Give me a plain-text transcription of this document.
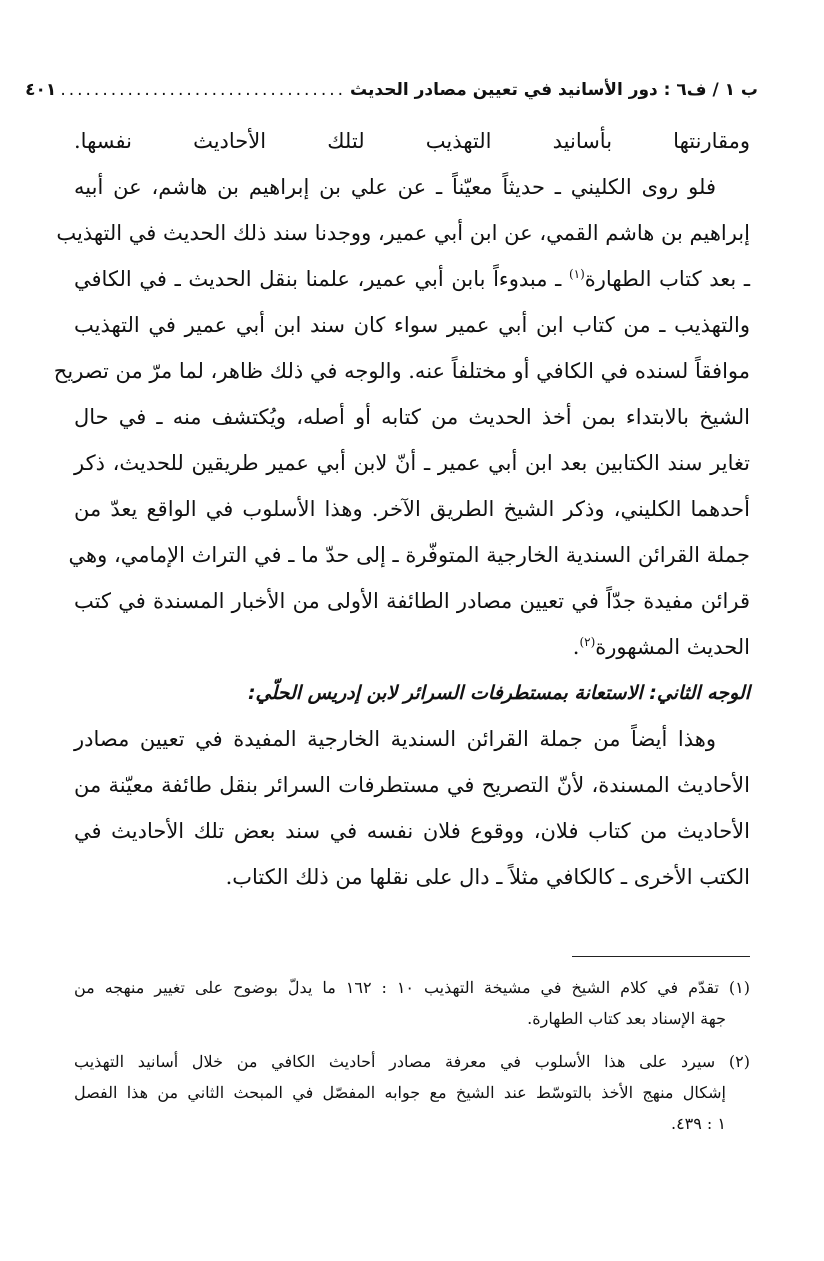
ب ١ / ف٦ : دور الأسانيد في تعيين مصادر الحديث
..................................
٤٠١
ومقارنتها بأسانيد التهذيب لتلك الأحاديث نفسها.
فلو روى الكليني ـ حديثاً معيّناً ـ عن علي بن إبراهيم بن هاشم، عن أبيه
إبراهيم بن هاشم القمي، عن ابن أبي عمير، ووجدنا سند ذلك الحديث في التهذيب
ـ بعد كتاب الطهارة$^{(١)}$ ـ مبدوءاً بابن أبي عمير، علمنا بنقل الحديث ـ في الكافي
والتهذيب ـ من كتاب ابن أبي عمير سواء كان سند ابن أبي عمير في التهذيب
موافقاً لسنده في الكافي أو مختلفاً عنه. والوجه في ذلك ظاهر، لما مرّ من تصريح
الشيخ بالابتداء بمن أخذ الحديث من كتابه أو أصله، ويُكتشف منه ـ في حال
تغاير سند الكتابين بعد ابن أبي عمير ـ أنّ لابن أبي عمير طريقين للحديث، ذكر
أحدهما الكليني، وذكر الشيخ الطريق الآخر. وهذا الأسلوب في الواقع يعدّ من
جملة القرائن السندية الخارجية المتوفّرة ـ إلى حدّ ما ـ في التراث الإمامي، وهي
قرائن مفيدة جدّاً في تعيين مصادر الطائفة الأولى من الأخبار المسندة في كتب
الحديث المشهورة$^{(٢)}$.
الوجه الثاني: الاستعانة بمستطرفات السرائر لابن إدريس الحلّي:
وهذا أيضاً من جملة القرائن السندية الخارجية المفيدة في تعيين مصادر
الأحاديث المسندة، لأنّ التصريح في مستطرفات السرائر بنقل طائفة معيّنة من
الأحاديث من كتاب فلان، ووقوع فلان نفسه في سند بعض تلك الأحاديث في
الكتب الأخرى ـ كالكافي مثلاً ـ دال على نقلها من ذلك الكتاب.
(١) تقدّم في كلام الشيخ في مشيخة التهذيب ١٠ : ١٦٢ ما يدلّ بوضوح على تغيير منهجه من
جهة الإسناد بعد كتاب الطهارة.
(٢) سيرد على هذا الأسلوب في معرفة مصادر أحاديث الكافي من خلال أسانيد التهذيب
إشكال منهج الأخذ بالتوسّط عند الشيخ مع جوابه المفصّل في المبحث الثاني من هذا الفصل
١ : ٤٣٩.
